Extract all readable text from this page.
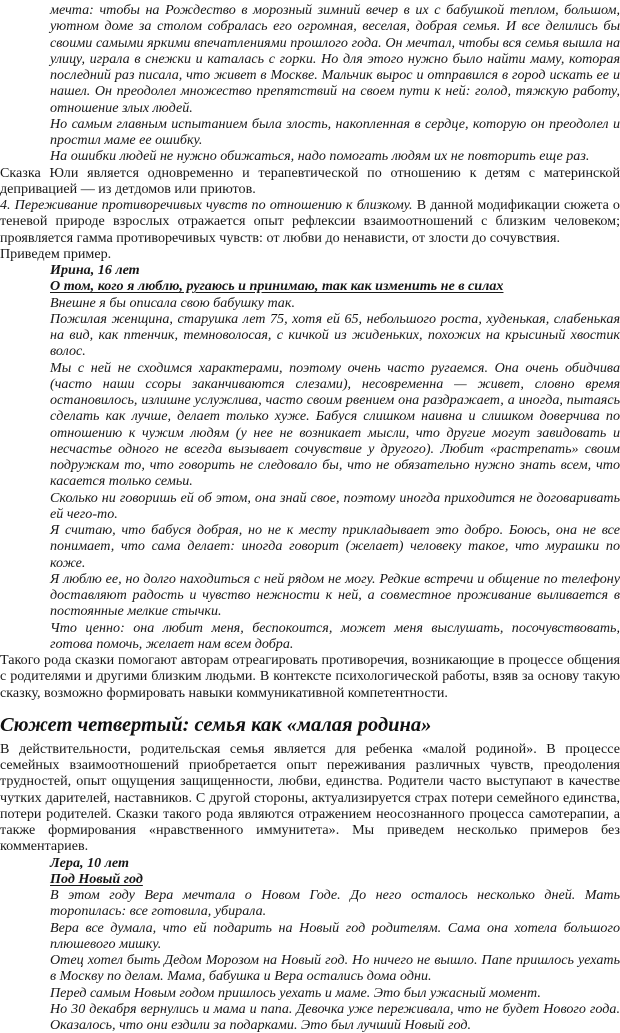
мечта: чтобы на Рождество в морозный зимний вечер в их с бабушкой теплом, большом, уютном доме за столом собралась его огромная, веселая, добрая семья. И все делились бы своими самыми яркими впечатлениями прошлого года. Он мечтал, чтобы вся семья вышла на улицу, играла в снежки и каталась с горки. Но для этого нужно было найти маму, которая последний раз писала, что живет в Москве. Мальчик вырос и отправился в город искать ее и нашел. Он преодолел множество препятствий на своем пути к ней: голод, тяжкую работу, отношение злых людей.

Но самым главным испытанием была злость, накопленная в сердце, которую он преодолел и простил маме ее ошибку.

На ошибки людей не нужно обижаться, надо помогать людям их не повторить еще раз.

Сказка Юли является одновременно и терапевтической по отношению к детям с материнской депривацией — из детдомов или приютов.

4. Переживание противоречивых чувств по отношению к близкому. В данной модификации сюжета о теневой природе взрослых отражается опыт рефлексии взаимоотношений с близким человеком; проявляется гамма противоречивых чувств: от любви до ненависти, от злости до сочувствия.

Приведем пример.

Ирина, 16 лет

О том, кого я люблю, ругаюсь и принимаю, так как изменить не в силах

Внешне я бы описала свою бабушку так.

Пожилая женщина, старушка лет 75, хотя ей 65, небольшого роста, худенькая, слабенькая на вид, как птенчик, темноволосая, с кичкой из жиденьких, похожих на крысиный хвостик волос.

Мы с ней не сходимся характерами, поэтому очень часто ругаемся. Она очень обидчива (часто наши ссоры заканчиваются слезами), несовременна — живет, словно время остановилось, излишне услужлива, часто своим рвением она раздражает, а иногда, пытаясь сделать как лучше, делает только хуже. Бабуся слишком наивна и слишком доверчива по отношению к чужим людям (у нее не возникает мысли, что другие могут завидовать и несчастье одного не всегда вызывает сочувствие у другого). Любит «растрепать» своим подружкам то, что говорить не следовало бы, что не обязательно нужно знать всем, что касается только семьи.

Сколько ни говоришь ей об этом, она знай свое, поэтому иногда приходится не договаривать ей чего-то.

Я считаю, что бабуся добрая, но не к месту прикладывает это добро. Боюсь, она не все понимает, что сама делает: иногда говорит (желает) человеку такое, что мурашки по коже.

Я люблю ее, но долго находиться с ней рядом не могу. Редкие встречи и общение по телефону доставляют радость и чувство нежности к ней, а совместное проживание выливается в постоянные мелкие стычки.

Что ценно: она любит меня, беспокоится, может меня выслушать, посочувствовать, готова помочь, желает нам всем добра.

Такого рода сказки помогают авторам отреагировать противоречия, возникающие в процессе общения с родителями и другими близким людьми. В контексте психологической работы, взяв за основу такую сказку, возможно формировать навыки коммуникативной компетентности.

Сюжет четвертый: семья как «малая родина»

В действительности, родительская семья является для ребенка «малой родиной». В процессе семейных взаимоотношений приобретается опыт переживания различных чувств, преодоления трудностей, опыт ощущения защищенности, любви, единства. Родители часто выступают в качестве чутких дарителей, наставников. С другой стороны, актуализируется страх потери семейного единства, потери родителей. Сказки такого рода являются отражением неосознанного процесса самотерапии, а также формирования «нравственного иммунитета». Мы приведем несколько примеров без комментариев.

Лера, 10 лет

Под Новый год

В этом году Вера мечтала о Новом Годе. До него осталось несколько дней. Мать торопилась: все готовила, убирала.

Вера все думала, что ей подарить на Новый год родителям. Сама она хотела большого плюшевого мишку.

Отец хотел быть Дедом Морозом на Новый год. Но ничего не вышло. Папе пришлось уехать в Москву по делам. Мама, бабушка и Вера остались дома одни.

Перед самым Новым годом пришлось уехать и маме. Это был ужасный момент.

Но 30 декабря вернулись и мама и папа. Девочка уже переживала, что не будет Нового года. Оказалось, что они ездили за подарками. Это был лучший Новый год.
